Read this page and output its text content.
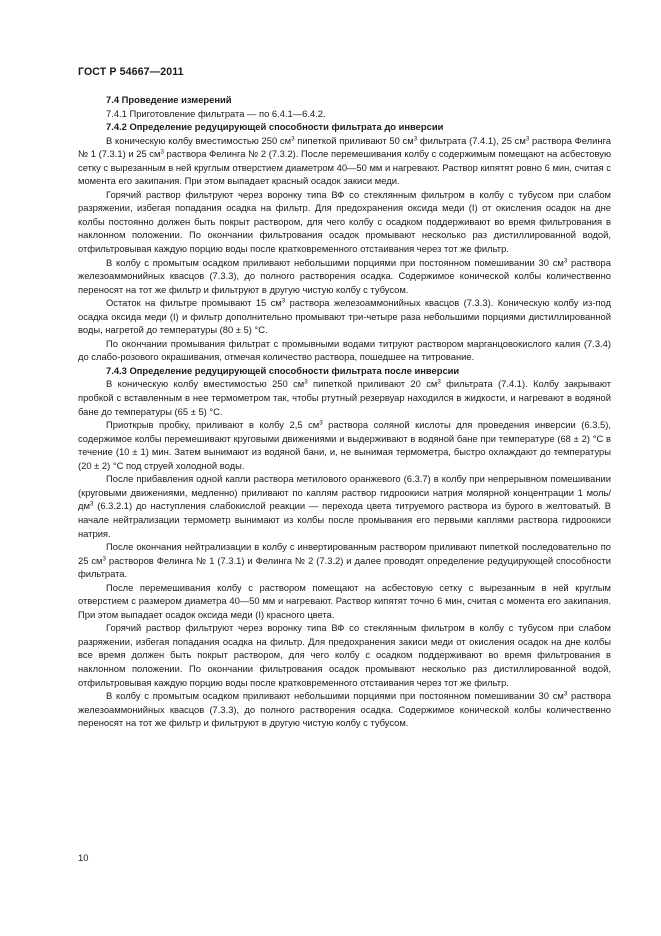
ГОСТ Р 54667—2011

7.4 Проведение измерений

7.4.1 Приготовление фильтрата — по 6.4.1—6.4.2.

7.4.2 Определение редуцирующей способности фильтрата до инверсии

В коническую колбу вместимостью 250 $см^3$ пипеткой приливают 50 $см^3$ фильтрата (7.4.1), 25 $см^3$ раствора Фелинга № 1 (7.3.1) и 25 $см^3$ раствора Фелинга № 2 (7.3.2). После перемешивания колбу с содержимым помещают на асбестовую сетку с вырезанным в ней круглым отверстием диаметром 40—50 мм и нагревают. Раствор кипятят ровно 6 мин, считая с момента его закипания. При этом выпадает красный осадок закиси меди.

Горячий раствор фильтруют через воронку типа ВФ со стеклянным фильтром в колбу с тубусом при слабом разряжении, избегая попадания осадка на фильтр. Для предохранения оксида меди (I) от окисления осадок на дне колбы постоянно должен быть покрыт раствором, для чего колбу с осадком поддерживают во время фильтрования в наклонном положении. По окончании фильтрования осадок промывают несколько раз дистиллированной водой, отфильтровывая каждую порцию воды после кратковременного отстаивания через тот же фильтр.

В колбу с промытым осадком приливают небольшими порциями при постоянном помешивании 30 $см^3$ раствора железоаммонийных квасцов (7.3.3), до полного растворения осадка. Содержимое конической колбы количественно переносят на тот же фильтр и фильтруют в другую чистую колбу с тубусом.

Остаток на фильтре промывают 15 $см^3$ раствора железоаммонийных квасцов (7.3.3). Коническую колбу из-под осадка оксида меди (I) и фильтр дополнительно промывают три-четыре раза небольшими порциями дистиллированной воды, нагретой до температуры (80 ± 5) °С.

По окончании промывания фильтрат с промывными водами титруют раствором марганцовокислого калия (7.3.4) до слабо-розового окрашивания, отмечая количество раствора, пошедшее на титрование.

7.4.3 Определение редуцирующей способности фильтрата после инверсии

В коническую колбу вместимостью 250 $см^3$ пипеткой приливают 20 $см^3$ фильтрата (7.4.1). Колбу закрывают пробкой с вставленным в нее термометром так, чтобы ртутный резервуар находился в жидкости, и нагревают в водяной бане до температуры (65 ± 5) °С.

Приоткрыв пробку, приливают в колбу 2,5 $см^3$ раствора соляной кислоты для проведения инверсии (6.3.5), содержимое колбы перемешивают круговыми движениями и выдерживают в водяной бане при температуре (68 ± 2) °С в течение (10 ± 1) мин. Затем вынимают из водяной бани, и, не вынимая термометра, быстро охлаждают до температуры (20 ± 2) °С под струей холодной воды.

После прибавления одной капли раствора метилового оранжевого (6.3.7) в колбу при непрерывном помешивании (круговыми движениями, медленно) приливают по каплям раствор гидроокиси натрия молярной концентрации 1 моль/$дм^3$ (6.3.2.1) до наступления слабокислой реакции — перехода цвета титруемого раствора из бурого в желтоватый. В начале нейтрализации термометр вынимают из колбы после промывания его первыми каплями раствора гидроокиси натрия.

После окончания нейтрализации в колбу с инвертированным раствором приливают пипеткой последовательно по 25 $см^3$ растворов Фелинга № 1 (7.3.1) и Фелинга № 2 (7.3.2) и далее проводят определение редуцирующей способности фильтрата.

После перемешивания колбу с раствором помещают на асбестовую сетку с вырезанным в ней круглым отверстием с размером диаметра 40—50 мм и нагревают. Раствор кипятят точно 6 мин, считая с момента его закипания. При этом выпадает осадок оксида меди (I) красного цвета.

Горячий раствор фильтруют через воронку типа ВФ со стеклянным фильтром в колбу с тубусом при слабом разряжении, избегая попадания осадка на фильтр. Для предохранения закиси меди от окисления осадок на дне колбы все время должен быть покрыт раствором, для чего колбу с осадком поддерживают во время фильтрования в наклонном положении. По окончании фильтрования осадок промывают несколько раз дистиллированной водой, отфильтровывая каждую порцию воды после кратковременного отстаивания через тот же фильтр.

В колбу с промытым осадком приливают небольшими порциями при постоянном помешивании 30 $см^3$ раствора железоаммонийных квасцов (7.3.3), до полного растворения осадка. Содержимое конической колбы количественно переносят на тот же фильтр и фильтруют в другую чистую колбу с тубусом.

10
